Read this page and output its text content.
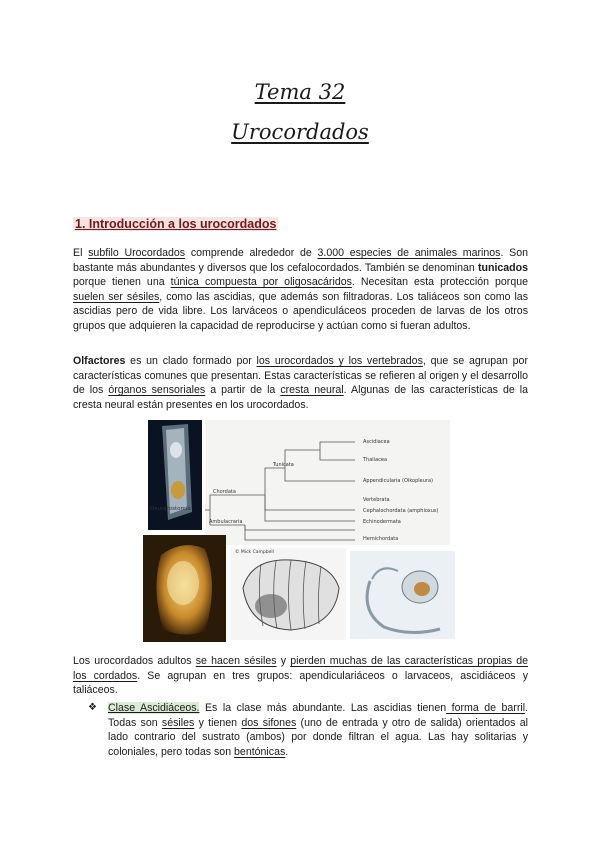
Tema 32
Urocordados
1. Introducción a los urocordados

El subfilo Urocordados comprende alrededor de 3.000 especies de animales marinos. Son bastante más abundantes y diversos que los cefalocordados. También se denominan tunicados porque tienen una túnica compuesta por oligosacáridos. Necesitan esta protección porque suelen ser sésiles, como las ascidias, que además son filtradoras. Los taliáceos son como las ascidias pero de vida libre. Los larváceos o apendiculáceos proceden de larvas de los otros grupos que adquieren la capacidad de reproducirse y actúan como si fueran adultos.

Olfactores es un clado formado por los urocordados y los vertebrados, que se agrupan por características comunes que presentan. Estas características se refieren al origen y el desarrollo de los órganos sensoriales a partir de la cresta neural. Algunas de las características de la cresta neural están presentes en los urocordados.

Ascidiacea
Thaliacea
Appendicularia (Oikopleura)
Vertebrata
Cephalochordata (amphioxus)
Echinodermata
Hemichordata
Tunicata
Chordata
Ambulacraria
Deuterostomia
© Mick Campbell

Los urocordados adultos se hacen sésiles y pierden muchas de las características propias de los cordados. Se agrupan en tres grupos: apendiculariáceos o larvaceos, ascidiáceos y taliáceos.

❖ Clase Ascidiáceos. Es la clase más abundante. Las ascidias tienen forma de barril. Todas son sésiles y tienen dos sifones (uno de entrada y otro de salida) orientados al lado contrario del sustrato (ambos) por donde filtran el agua. Las hay solitarias y coloniales, pero todas son bentónicas.
